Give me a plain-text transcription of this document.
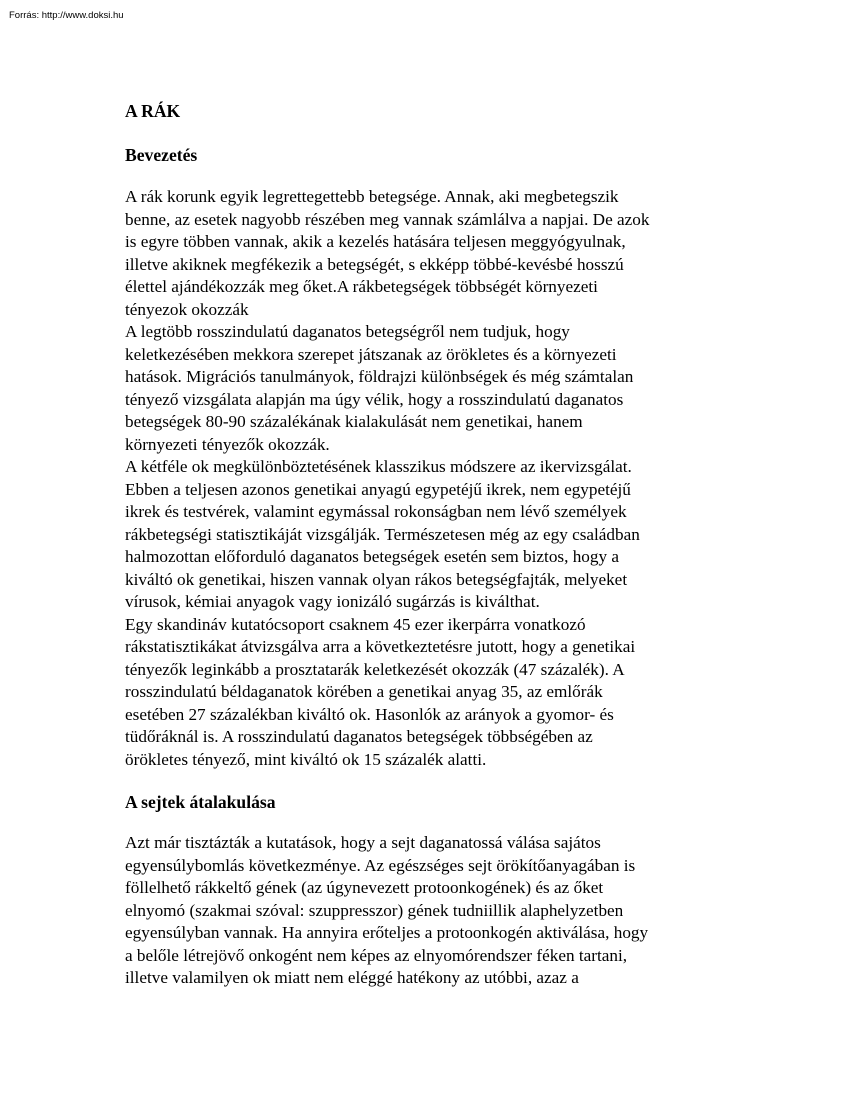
Forrás: http://www.doksi.hu
A RÁK
Bevezetés
A rák korunk egyik legrettegettebb betegsége. Annak, aki megbetegszik
benne, az esetek nagyobb részében meg vannak számlálva a napjai. De azok
is egyre többen vannak, akik a kezelés hatására teljesen meggyógyulnak,
illetve akiknek megfékezik a betegségét, s ekképp többé-kevésbé hosszú
élettel ajándékozzák meg őket.A rákbetegségek többségét környezeti
tényezok okozzák
A legtöbb rosszindulatú daganatos betegségről nem tudjuk, hogy
keletkezésében mekkora szerepet játszanak az örökletes és a környezeti
hatások. Migrációs tanulmányok, földrajzi különbségek és még számtalan
tényező vizsgálata alapján ma úgy vélik, hogy a rosszindulatú daganatos
betegségek 80-90 százalékának kialakulását nem genetikai, hanem
környezeti tényezők okozzák.
A kétféle ok megkülönböztetésének klasszikus módszere az ikervizsgálat.
Ebben a teljesen azonos genetikai anyagú egypetéjű ikrek, nem egypetéjű
ikrek és testvérek, valamint egymással rokonságban nem lévő személyek
rákbetegségi statisztikáját vizsgálják. Természetesen még az egy családban
halmozottan előforduló daganatos betegségek esetén sem biztos, hogy a
kiváltó ok genetikai, hiszen vannak olyan rákos betegségfajták, melyeket
vírusok, kémiai anyagok vagy ionizáló sugárzás is kiválthat.
Egy skandináv kutatócsoport csaknem 45 ezer ikerpárra vonatkozó
rákstatisztikákat átvizsgálva arra a következtetésre jutott, hogy a genetikai
tényezők leginkább a prosztatarák keletkezését okozzák (47 százalék). A
rosszindulatú béldaganatok körében a genetikai anyag 35, az emlőrák
esetében 27 százalékban kiváltó ok. Hasonlók az arányok a gyomor- és
tüdőráknál is. A rosszindulatú daganatos betegségek többségében az
örökletes tényező, mint kiváltó ok 15 százalék alatti.
A sejtek átalakulása
Azt már tisztázták a kutatások, hogy a sejt daganatossá válása sajátos
egyensúlybomlás következménye. Az egészséges sejt örökítőanyagában is
föllelhető rákkeltő gének (az úgynevezett protoonkogének) és az őket
elnyomó (szakmai szóval: szuppresszor) gének tudniillik alaphelyzetben
egyensúlyban vannak. Ha annyira erőteljes a protoonkogén aktiválása, hogy
a belőle létrejövő onkogént nem képes az elnyomórendszer féken tartani,
illetve valamilyen ok miatt nem eléggé hatékony az utóbbi, azaz a
